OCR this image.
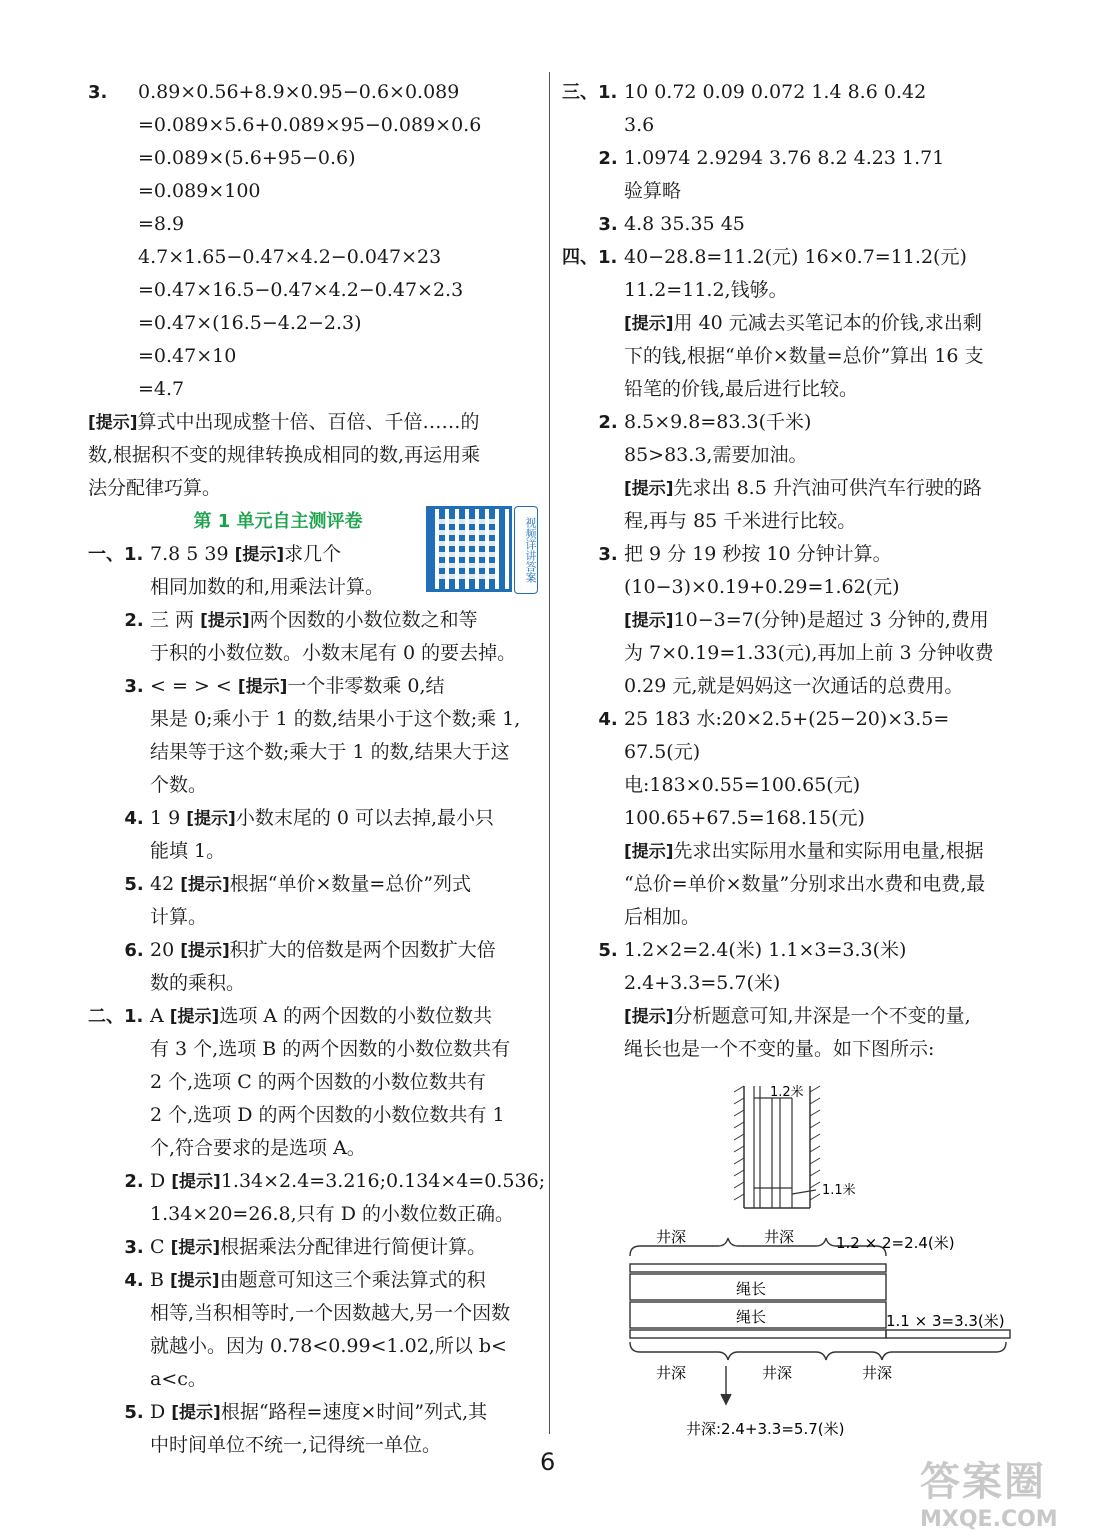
3. 0.89×0.56+8.9×0.95−0.6×0.089
=0.089×5.6+0.089×95−0.089×0.6
=0.089×(5.6+95−0.6)
=0.089×100
=8.9
4.7×1.65−0.47×4.2−0.047×23
=0.47×16.5−0.47×4.2−0.47×2.3
=0.47×(16.5−4.2−2.3)
=0.47×10
=4.7
[提示]算式中出现成整十倍、百倍、千倍……的
数,根据积不变的规律转换成相同的数,再运用乘
法分配律巧算。
第 1 单元自主测评卷
一、1. 7.8 5 39 [提示]求几个
相同加数的和,用乘法计算。
2. 三 两 [提示]两个因数的小数位数之和等
于积的小数位数。小数末尾有 0 的要去掉。
3. < = > < [提示]一个非零数乘 0,结
果是 0;乘小于 1 的数,结果小于这个数;乘 1,
结果等于这个数;乘大于 1 的数,结果大于这
个数。
4. 1 9 [提示]小数末尾的 0 可以去掉,最小只
能填 1。
5. 42 [提示]根据“单价×数量=总价”列式
计算。
6. 20 [提示]积扩大的倍数是两个因数扩大倍
数的乘积。
二、1. A [提示]选项 A 的两个因数的小数位数共
有 3 个,选项 B 的两个因数的小数位数共有
2 个,选项 C 的两个因数的小数位数共有
2 个,选项 D 的两个因数的小数位数共有 1
个,符合要求的是选项 A。
2. D [提示]1.34×2.4=3.216;0.134×4=0.536;
1.34×20=26.8,只有 D 的小数位数正确。
3. C [提示]根据乘法分配律进行简便计算。
4. B [提示]由题意可知这三个乘法算式的积
相等,当积相等时,一个因数越大,另一个因数
就越小。因为 0.78<0.99<1.02,所以 b<
a<c。
5. D [提示]根据“路程=速度×时间”列式,其
中时间单位不统一,记得统一单位。
视频详讲答案
三、1. 10 0.72 0.09 0.072 1.4 8.6 0.42
3.6
2. 1.0974 2.9294 3.76 8.2 4.23 1.71
验算略
3. 4.8 35.35 45
四、1. 40−28.8=11.2(元) 16×0.7=11.2(元)
11.2=11.2,钱够。
[提示]用 40 元减去买笔记本的价钱,求出剩
下的钱,根据“单价×数量=总价”算出 16 支
铅笔的价钱,最后进行比较。
2. 8.5×9.8=83.3(千米)
85>83.3,需要加油。
[提示]先求出 8.5 升汽油可供汽车行驶的路
程,再与 85 千米进行比较。
3. 把 9 分 19 秒按 10 分钟计算。
(10−3)×0.19+0.29=1.62(元)
[提示]10−3=7(分钟)是超过 3 分钟的,费用
为 7×0.19=1.33(元),再加上前 3 分钟收费
0.29 元,就是妈妈这一次通话的总费用。
4. 25 183 水:20×2.5+(25−20)×3.5=
67.5(元)
电:183×0.55=100.65(元)
100.65+67.5=168.15(元)
[提示]先求出实际用水量和实际用电量,根据
“总价=单价×数量”分别求出水费和电费,最
后相加。
5. 1.2×2=2.4(米) 1.1×3=3.3(米)
2.4+3.3=5.7(米)
[提示]分析题意可知,井深是一个不变的量,
绳长也是一个不变的量。如下图所示:
1.2米
1.1米
井深	井深	1.2 × 2=2.4(米)
绳长
绳长	1.1 × 3=3.3(米)
井深	井深	井深
井深:2.4+3.3=5.7(米)
6	答案圈
MXQE.COM
